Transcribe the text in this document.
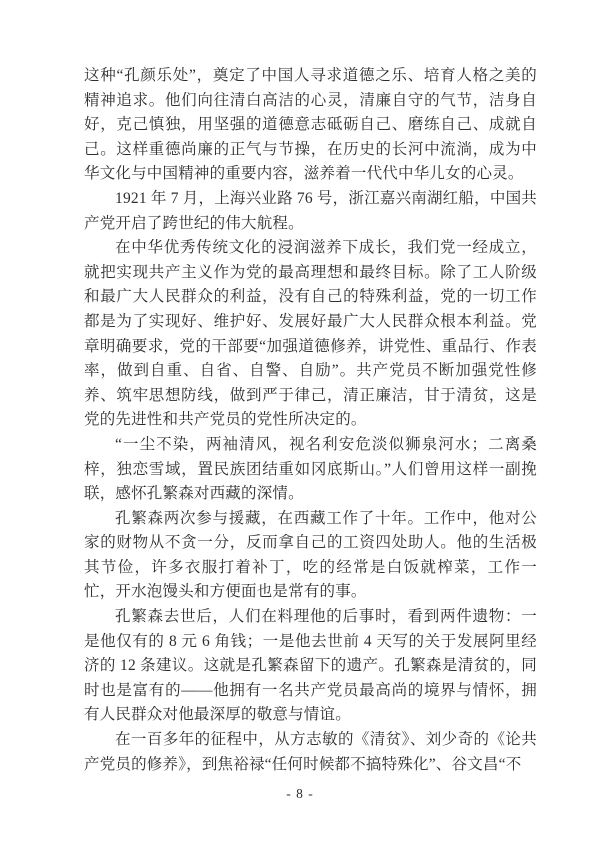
这种“孔颜乐处”，奠定了中国人寻求道德之乐、培育人格之美的精神追求。他们向往清白高洁的心灵，清廉自守的气节，洁身自好，克己慎独，用坚强的道德意志砥砺自己、磨练自己、成就自己。这样重德尚廉的正气与节操，在历史的长河中流淌，成为中华文化与中国精神的重要内容，滋养着一代代中华儿女的心灵。

1921 年 7 月，上海兴业路 76 号，浙江嘉兴南湖红船，中国共产党开启了跨世纪的伟大航程。

在中华优秀传统文化的浸润滋养下成长，我们党一经成立，就把实现共产主义作为党的最高理想和最终目标。除了工人阶级和最广大人民群众的利益，没有自己的特殊利益，党的一切工作都是为了实现好、维护好、发展好最广大人民群众根本利益。党章明确要求，党的干部要“加强道德修养，讲党性、重品行、作表率，做到自重、自省、自警、自励”。共产党员不断加强党性修养、筑牢思想防线，做到严于律己，清正廉洁，甘于清贫，这是党的先进性和共产党员的党性所决定的。

“一尘不染，两袖清风，视名利安危淡似狮泉河水；二离桑梓，独恋雪域，置民族团结重如冈底斯山。”人们曾用这样一副挽联，感怀孔繁森对西藏的深情。

孔繁森两次参与援藏，在西藏工作了十年。工作中，他对公家的财物从不贪一分，反而拿自己的工资四处助人。他的生活极其节俭，许多衣服打着补丁，吃的经常是白饭就榨菜，工作一忙，开水泡馒头和方便面也是常有的事。

孔繁森去世后，人们在料理他的后事时，看到两件遗物：一是他仅有的 8 元 6 角钱；一是他去世前 4 天写的关于发展阿里经济的 12 条建议。这就是孔繁森留下的遗产。孔繁森是清贫的，同时也是富有的——他拥有一名共产党员最高尚的境界与情怀，拥有人民群众对他最深厚的敬意与情谊。

在一百多年的征程中，从方志敏的《清贫》、刘少奇的《论共产党员的修养》，到焦裕禄“任何时候都不搞特殊化”、谷文昌“不

- 8 -
